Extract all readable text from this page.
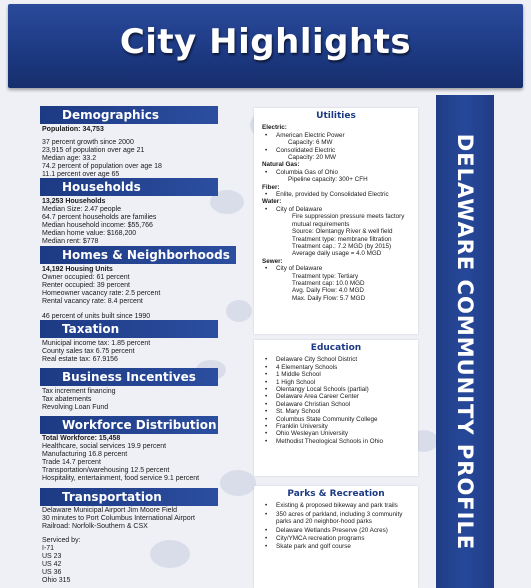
City Highlights
DELAWARE COMMUNITY PROFILE
Demographics
Population: 34,753
37 percent growth since 2000
23,915 of population over age 21
Median age: 33.2
74.2 percent of population over age 18
11.1 percent over age 65
Households
13,253 Households
Median Size: 2.47 people
64.7 percent households are families
Median household income: $55,766
Median home value: $168,200
Median rent: $778
Homes & Neighborhoods
14,192 Housing Units
Owner occupied: 61 percent
Renter occupied: 39 percent
Homeowner vacancy rate: 2.5 percent
Rental vacancy rate: 8.4 percent
46 percent of units built since 1990
Taxation
Municipal income tax: 1.85 percent
County sales tax 6.75 percent
Real estate tax: 67.9156
Business Incentives
Tax increment financing
Tax abatements
Revolving Loan Fund
Workforce Distribution
Total Workforce: 15,458
Healthcare, social services 19.9 percent
Manufacturing 16.8 percent
Trade 14.7 percent
Transportation/warehousing 12.5 percent
Hospitality, entertainment, food service 9.1 percent
Transportation
Delaware Municipal Airport Jim Moore Field
30 minutes to Port Columbus International Airport
Railroad: Norfolk-Southern & CSX
Serviced by:
I-71
US 23
US 42
US 36
Ohio 315
Utilities
Electric:
• American Electric Power
Capacity: 6 MW
• Consolidated Electric
Capacity: 20 MW
Natural Gas:
• Columbia Gas of Ohio
Pipeline capacity: 300+ CFH
Fiber:
• Enlite, provided by Consolidated Electric
Water:
• City of Delaware
Fire suppression pressure meets factory mutual requirements
Source: Olentangy River & well field
Treatment type: membrane filtration
Treatment cap.: 7.2 MGD (by 2015)
Average daily usage = 4.0 MGD
Sewer:
• City of Delaware
Treatment type: Tertiary
Treatment cap: 10.0 MGD
Avg. Daily Flow: 4.0 MGD
Max. Daily Flow: 5.7 MGD
Education
• Delaware City School District
• 4 Elementary Schools
• 1 Middle School
• 1 High School
• Olentangy Local Schools (partial)
• Delaware Area Career Center
• Delaware Christian School
• St. Mary School
• Columbus State Community College
• Franklin University
• Ohio Wesleyan University
• Methodist Theological Schools in Ohio
Parks & Recreation
• Existing & proposed bikeway and park trails
• 350 acres of parkland, including 3 community parks and 20 neighbor-hood parks
• Delaware Wetlands Preserve (20 Acres)
• City/YMCA recreation programs
• Skate park and golf course
